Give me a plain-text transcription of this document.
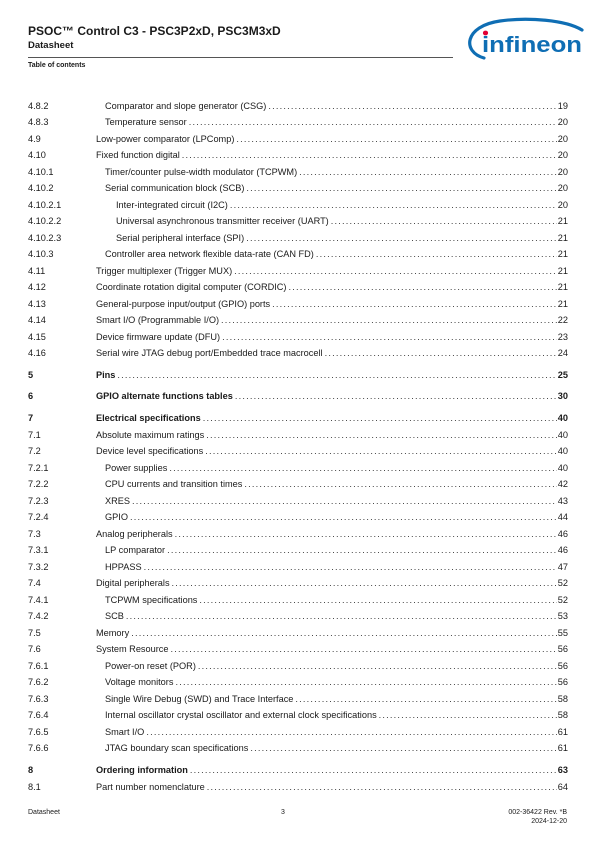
PSOC™ Control C3 - PSC3P2xD, PSC3M3xD
Datasheet
Table of contents
infineon
4.8.2	Comparator and slope generator (CSG) .....	19
4.8.3	Temperature sensor .....	20
4.9	Low-power comparator (LPComp) .....	20
4.10	Fixed function digital .....	20
4.10.1	Timer/counter pulse-width modulator (TCPWM) .....	20
4.10.2	Serial communication block (SCB) .....	20
4.10.2.1	Inter-integrated circuit (I2C) .....	20
4.10.2.2	Universal asynchronous transmitter receiver (UART) .....	21
4.10.2.3	Serial peripheral interface (SPI) .....	21
4.10.3	Controller area network flexible data-rate (CAN FD) .....	21
4.11	Trigger multiplexer (Trigger MUX) .....	21
4.12	Coordinate rotation digital computer (CORDIC) .....	21
4.13	General-purpose input/output (GPIO) ports .....	21
4.14	Smart I/O (Programmable I/O) .....	22
4.15	Device firmware update (DFU) .....	23
4.16	Serial wire JTAG debug port/Embedded trace macrocell .....	24
5	Pins .....	25
6	GPIO alternate functions tables .....	30
7	Electrical specifications .....	40
7.1	Absolute maximum ratings .....	40
7.2	Device level specifications .....	40
7.2.1	Power supplies .....	40
7.2.2	CPU currents and transition times .....	42
7.2.3	XRES .....	43
7.2.4	GPIO .....	44
7.3	Analog peripherals .....	46
7.3.1	LP comparator .....	46
7.3.2	HPPASS .....	47
7.4	Digital peripherals .....	52
7.4.1	TCPWM specifications .....	52
7.4.2	SCB .....	53
7.5	Memory .....	55
7.6	System Resource .....	56
7.6.1	Power-on reset (POR) .....	56
7.6.2	Voltage monitors .....	56
7.6.3	Single Wire Debug (SWD) and Trace Interface .....	58
7.6.4	Internal oscillator crystal oscillator and external clock specifications .....	58
7.6.5	Smart I/O .....	61
7.6.6	JTAG boundary scan specifications .....	61
8	Ordering information .....	63
8.1	Part number nomenclature .....	64
Datasheet	3	002-36422 Rev. *B
2024-12-20
